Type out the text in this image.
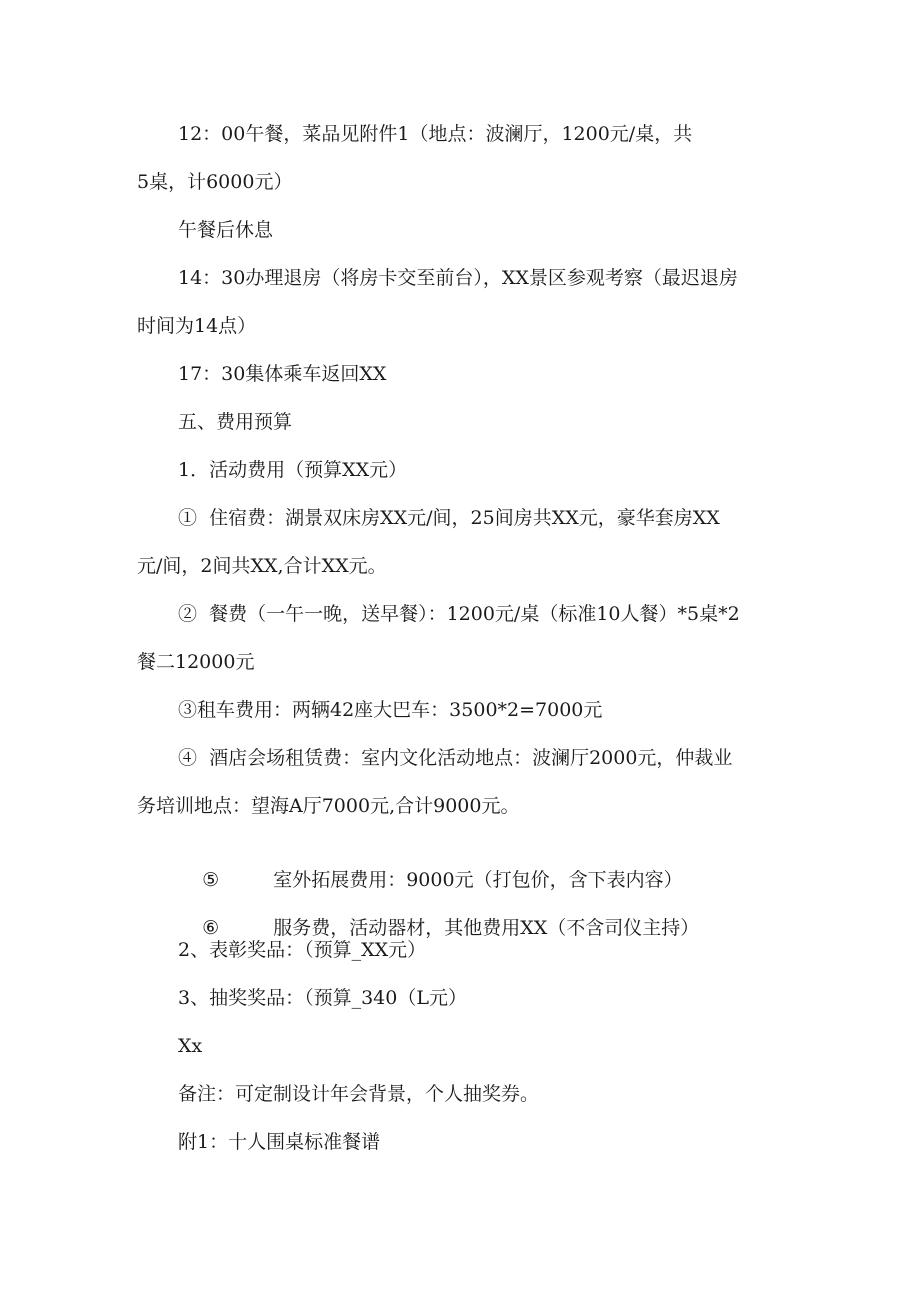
12：00午餐，菜品见附件1（地点：波澜厅，1200元/桌，共
5桌，计6000元）
午餐后休息
14：30办理退房（将房卡交至前台），XX景区参观考察（最迟退房
时间为14点）
17：30集体乘车返回XX
五、费用预算
1．活动费用（预算XX元）
①  住宿费：湖景双床房XX元/间，25间房共XX元，豪华套房XX
元/间，2间共XX,合计XX元。
②  餐费（一午一晚，送早餐）：1200元/桌（标准10人餐）*5桌*2
餐二12000元
③租车费用：两辆42座大巴车：3500*2=7000元
④  酒店会场租赁费：室内文化活动地点：波澜厅2000元，仲裁业
务培训地点：望海A厅7000元,合计9000元。

⑤	室外拓展费用：9000元（打包价，含下表内容）

⑥	服务费，活动器材，其他费用XX（不含司仪主持）

2、表彰奖品：（预算_XX元）
3、抽奖奖品：（预算_340（L元）
Xx
备注：可定制设计年会背景，个人抽奖券。
附1：十人围桌标准餐谱
